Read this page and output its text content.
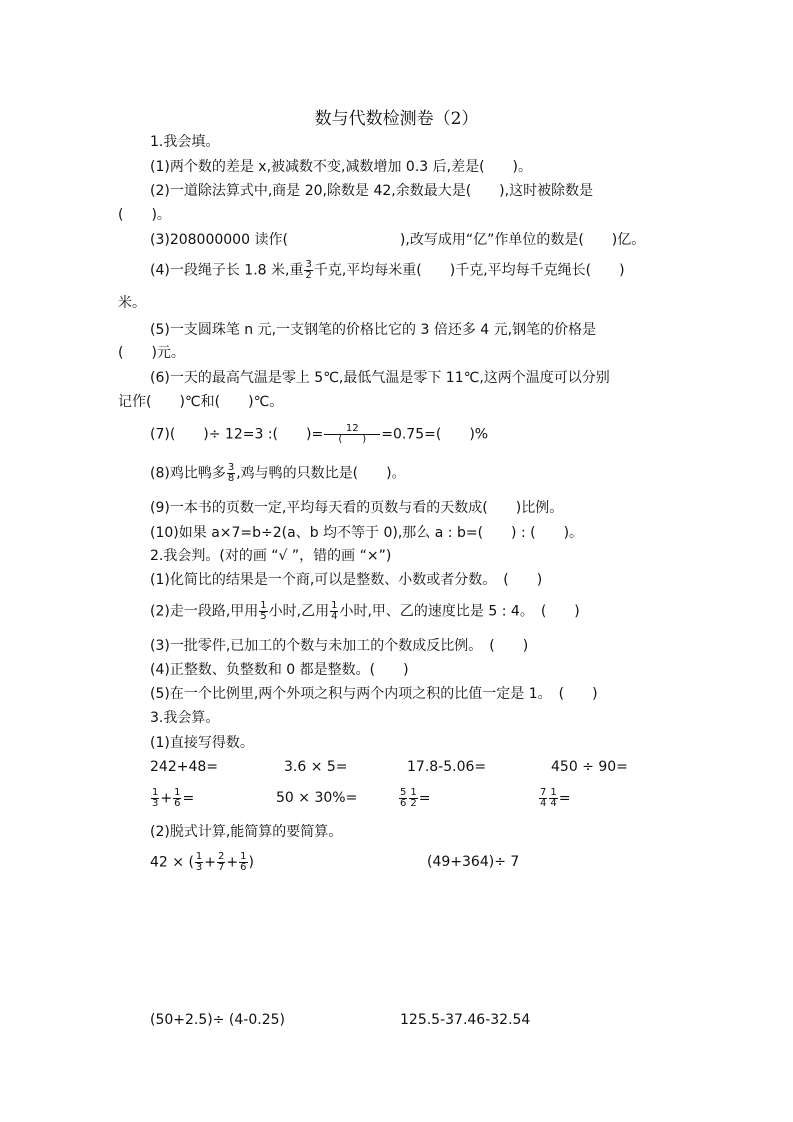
数与代数检测卷（2）
1.我会填。
(1)两个数的差是 x,被减数不变,减数增加 0.3 后,差是(　　)。
(2)一道除法算式中,商是 20,除数是 42,余数最大是(　　),这时被除数是
(　　)。
(3)208000000 读作(　　　　　　　　),改写成用“亿”作单位的数是(　　)亿。
(4)一段绳子长 1.8 米,重 $\frac{3}{2}$ 千克,平均每米重(　　)千克,平均每千克绳长(　　)
米。
(5)一支圆珠笔 n 元,一支钢笔的价格比它的 3 倍还多 4 元,钢笔的价格是
(　　)元。
(6)一天的最高气温是零上 5℃,最低气温是零下 11℃,这两个温度可以分别
记作(　　)℃和(　　)℃。
(7)(　　)÷ 12=3 :(　　)= $\frac{12}{( )} =0.75=$(　　)%
(8)鸡比鸭多 $\frac{3}{8}$ ,鸡与鸭的只数比是(　　)。
(9)一本书的页数一定,平均每天看的页数与看的天数成(　　)比例。
(10)如果 a×7=b÷2(a、b 均不等于 0),那么 a : b=(　　) : (　　)。
2.我会判。(对的画 “√ ”，错的画 “×”)
(1)化简比的结果是一个商,可以是整数、小数或者分数。　(　　)
(2)走一段路,甲用 $\frac{1}{5}$ 小时,乙用 $\frac{1}{4}$ 小时,甲、乙的速度比是 5 : 4。　(　　)
(3)一批零件,已加工的个数与未加工的个数成反比例。　(　　)
(4)正整数、负整数和 0 都是整数。(　　)
(5)在一个比例里,两个外项之积与两个内项之积的比值一定是 1。　(　　)
3.我会算。
(1)直接写得数。
242+48=	3.6 × 5=	17.8-5.06=	450 ÷ 90=
$\frac{1}{3} + \frac{1}{6}$ =	50 × 30%=	$\frac{5}{6} \frac{1}{2}$ =	$\frac{7}{4} \frac{1}{4}$ =
(2)脱式计算,能简算的要简算。
42 × ( $\frac{1}{3} + \frac{2}{7} + \frac{1}{6}$ )	(49+364)÷ 7
(50+2.5)÷ (4-0.25)	125.5-37.46-32.54
